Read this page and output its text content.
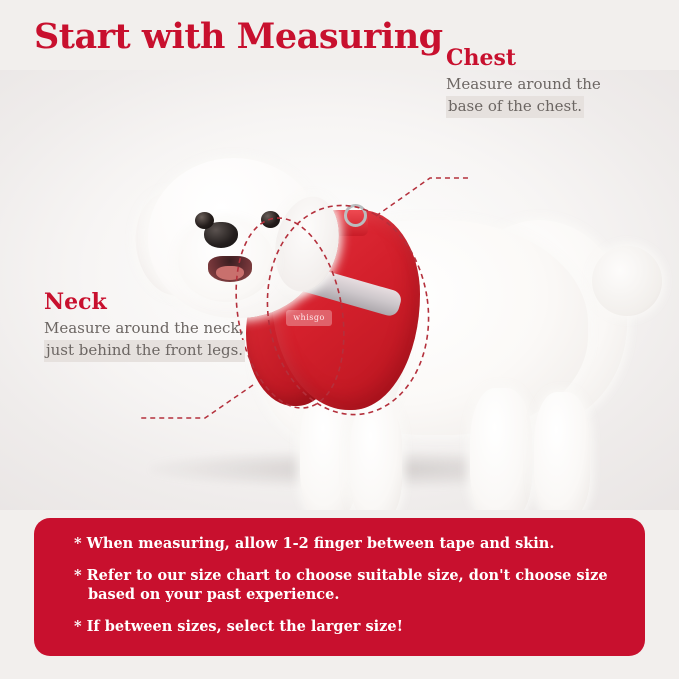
Start with Measuring
whisgo
Chest
Measure around the
base of the chest.
Neck
Measure around the neck,
just behind the front legs.

* When measuring, allow 1-2 finger between tape and skin.

* Refer to our size chart to choose suitable size, don't choose size based on your past experience.

* If between sizes, select the larger size!
